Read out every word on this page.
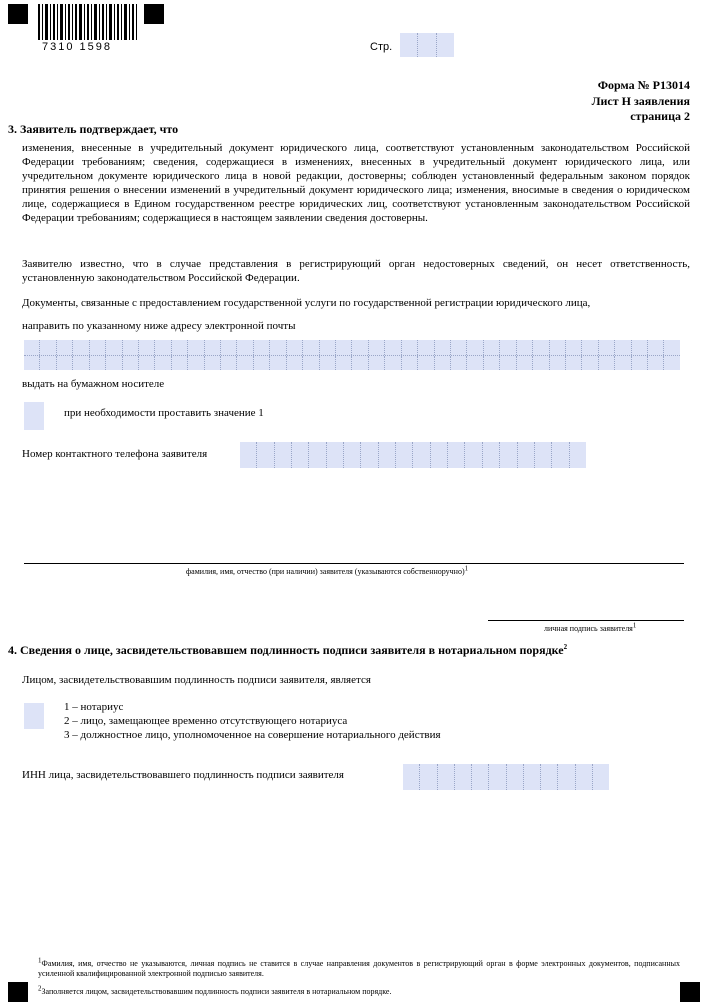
7310 1598	Стр.
Форма № Р13014
Лист Н заявления
страница 2
3. Заявитель подтверждает, что
изменения, внесенные в учредительный документ юридического лица, соответствуют установленным законодательством Российской Федерации требованиям; сведения, содержащиеся в изменениях, внесенных в учредительный документ юридического лица, или учредительном документе юридического лица в новой редакции, достоверны; соблюден установленный федеральным законом порядок принятия решения о внесении изменений в учредительный документ юридического лица; изменения, вносимые в сведения о юридическом лице, содержащиеся в Едином государственном реестре юридических лиц, соответствуют установленным законодательством Российской Федерации требованиям; содержащиеся в настоящем заявлении сведения достоверны.
Заявителю известно, что в случае представления в регистрирующий орган недостоверных сведений, он несет ответственность, установленную законодательством Российской Федерации.
Документы, связанные с предоставлением государственной услуги по государственной регистрации юридического лица,
направить по указанному ниже адресу электронной почты
выдать на бумажном носителе
при необходимости проставить значение 1
Номер контактного телефона заявителя
фамилия, имя, отчество (при наличии) заявителя (указываются собственноручно)$^1$
личная подпись заявителя$^1$
4. Сведения о лице, засвидетельствовавшем подлинность подписи заявителя в нотариальном порядке$^2$
Лицом, засвидетельствовавшим подлинность подписи заявителя, является
1 – нотариус
2 – лицо, замещающее временно отсутствующего нотариуса
3 – должностное лицо, уполномоченное на совершение нотариального действия
ИНН лица, засвидетельствовавшего подлинность подписи заявителя
$^1$Фамилия, имя, отчество не указываются, личная подпись не ставится в случае направления документов в регистрирующий орган в форме электронных документов, подписанных усиленной квалифицированной электронной подписью заявителя.
$^2$Заполняется лицом, засвидетельствовавшим подлинность подписи заявителя в нотариальном порядке.
